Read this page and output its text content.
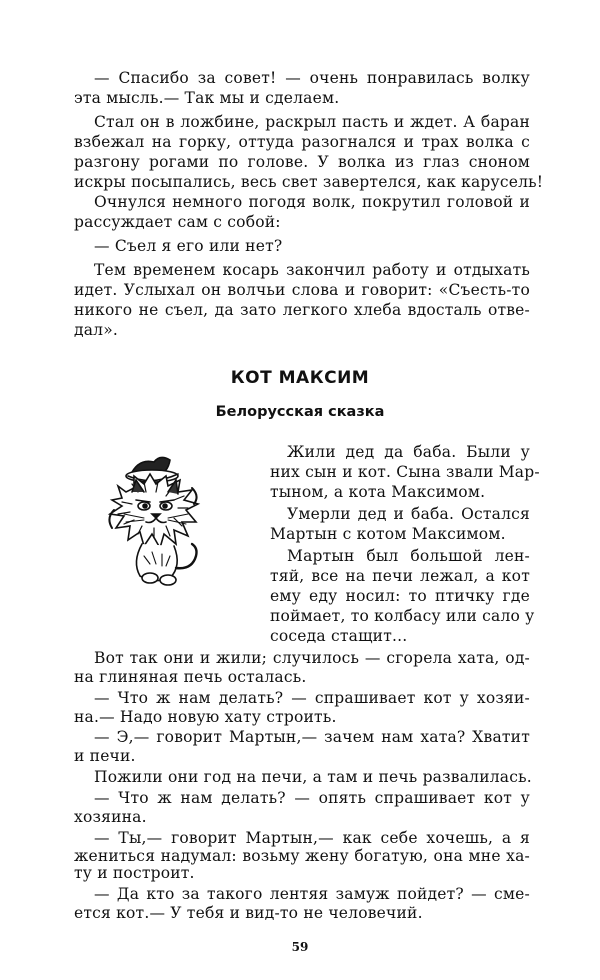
— Спасибо за совет! — очень понравилась волку
эта мысль.— Так мы и сделаем.
Стал он в ложбине, раскрыл пасть и ждет. А баран
взбежал на горку, оттуда разогнался и трах волка с
разгону рогами по голове. У волка из глаз сноном
искры посыпались, весь свет завертелся, как карусель!
Очнулся немного погодя волк, покрутил головой и
рассуждает сам с собой:
— Съел я его или нет?
Тем временем косарь закончил работу и отдыхать
идет. Услыхал он волчьи слова и говорит: «Съесть-то
никого не съел, да зато легкого хлеба вдосталь отве-
дал».
КОТ МАКСИМ
Белорусская сказка
Жили дед да баба. Были у
них сын и кот. Сына звали Мар-
тыном, а кота Максимом.
Умерли дед и баба. Остался
Мартын с котом Максимом.
Мартын был большой лен-
тяй, все на печи лежал, а кот
ему еду носил: то птичку где
поймает, то колбасу или сало у
соседа стащит...
Вот так они и жили; случилось — сгорела хата, од-
на глиняная печь осталась.
— Что ж нам делать? — спрашивает кот у хозяи-
на.— Надо новую хату строить.
— Э,— говорит Мартын,— зачем нам хата? Хватит
и печи.
Пожили они год на печи, а там и печь развалилась.
— Что ж нам делать? — опять спрашивает кот у
хозяина.
— Ты,— говорит Мартын,— как себе хочешь, а я
жениться надумал: возьму жену богатую, она мне ха-
ту и построит.
— Да кто за такого лентяя замуж пойдет? — сме-
ется кот.— У тебя и вид-то не человечий.
59
